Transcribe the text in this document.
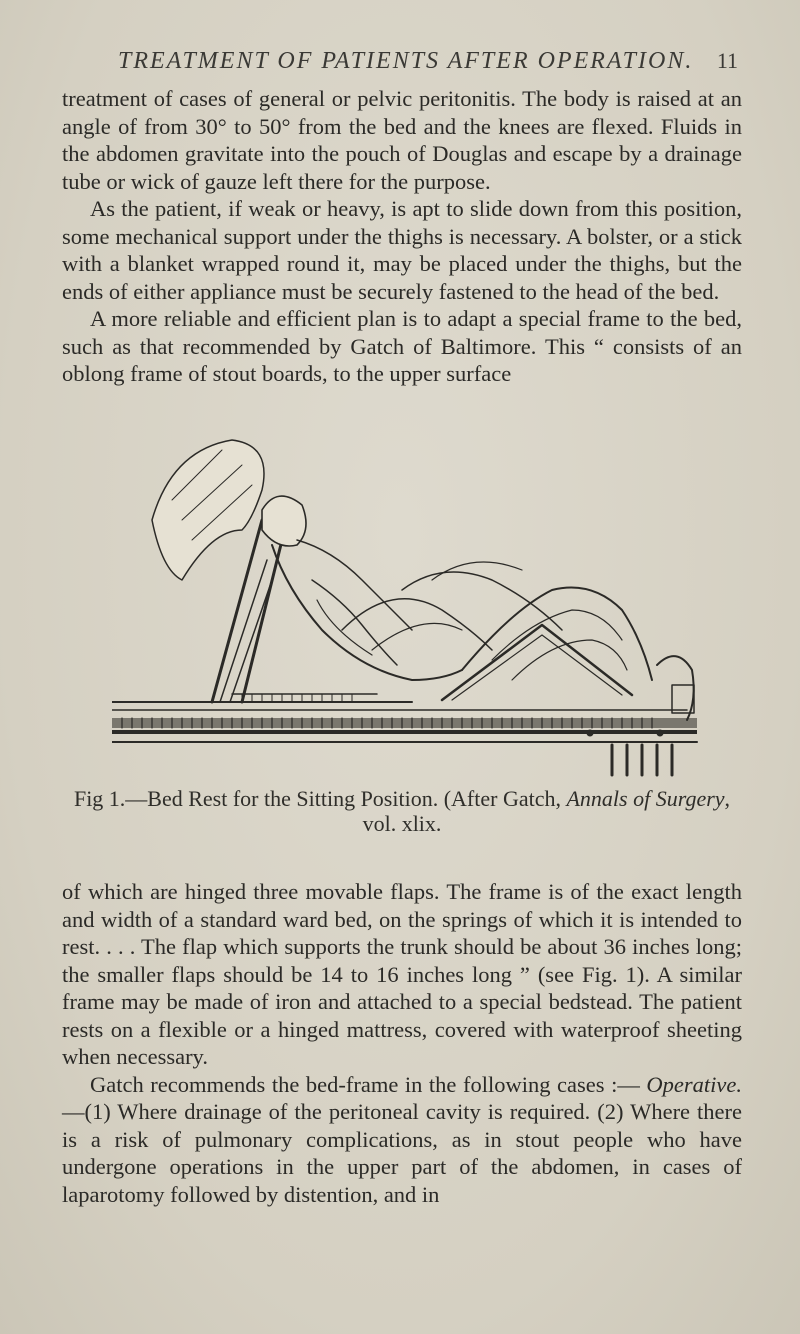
TREATMENT OF PATIENTS AFTER OPERATION. 11

treatment of cases of general or pelvic peritonitis. The body is raised at an angle of from 30° to 50° from the bed and the knees are flexed. Fluids in the abdomen gravitate into the pouch of Douglas and escape by a drainage tube or wick of gauze left there for the purpose.

As the patient, if weak or heavy, is apt to slide down from this position, some mechanical support under the thighs is necessary. A bolster, or a stick with a blanket wrapped round it, may be placed under the thighs, but the ends of either appliance must be securely fastened to the head of the bed.

A more reliable and efficient plan is to adapt a special frame to the bed, such as that recommended by Gatch of Baltimore. This “ consists of an oblong frame of stout boards, to the upper surface

Fig 1.—Bed Rest for the Sitting Position. (After Gatch, Annals of Surgery, vol. xlix.

of which are hinged three movable flaps. The frame is of the exact length and width of a standard ward bed, on the springs of which it is intended to rest. . . . The flap which supports the trunk should be about 36 inches long; the smaller flaps should be 14 to 16 inches long ” (see Fig. 1). A similar frame may be made of iron and attached to a special bedstead. The patient rests on a flexible or a hinged mattress, covered with waterproof sheeting when necessary.

Gatch recommends the bed-frame in the following cases :— Operative.—(1) Where drainage of the peritoneal cavity is required. (2) Where there is a risk of pulmonary complications, as in stout people who have undergone operations in the upper part of the abdomen, in cases of laparotomy followed by distention, and in
